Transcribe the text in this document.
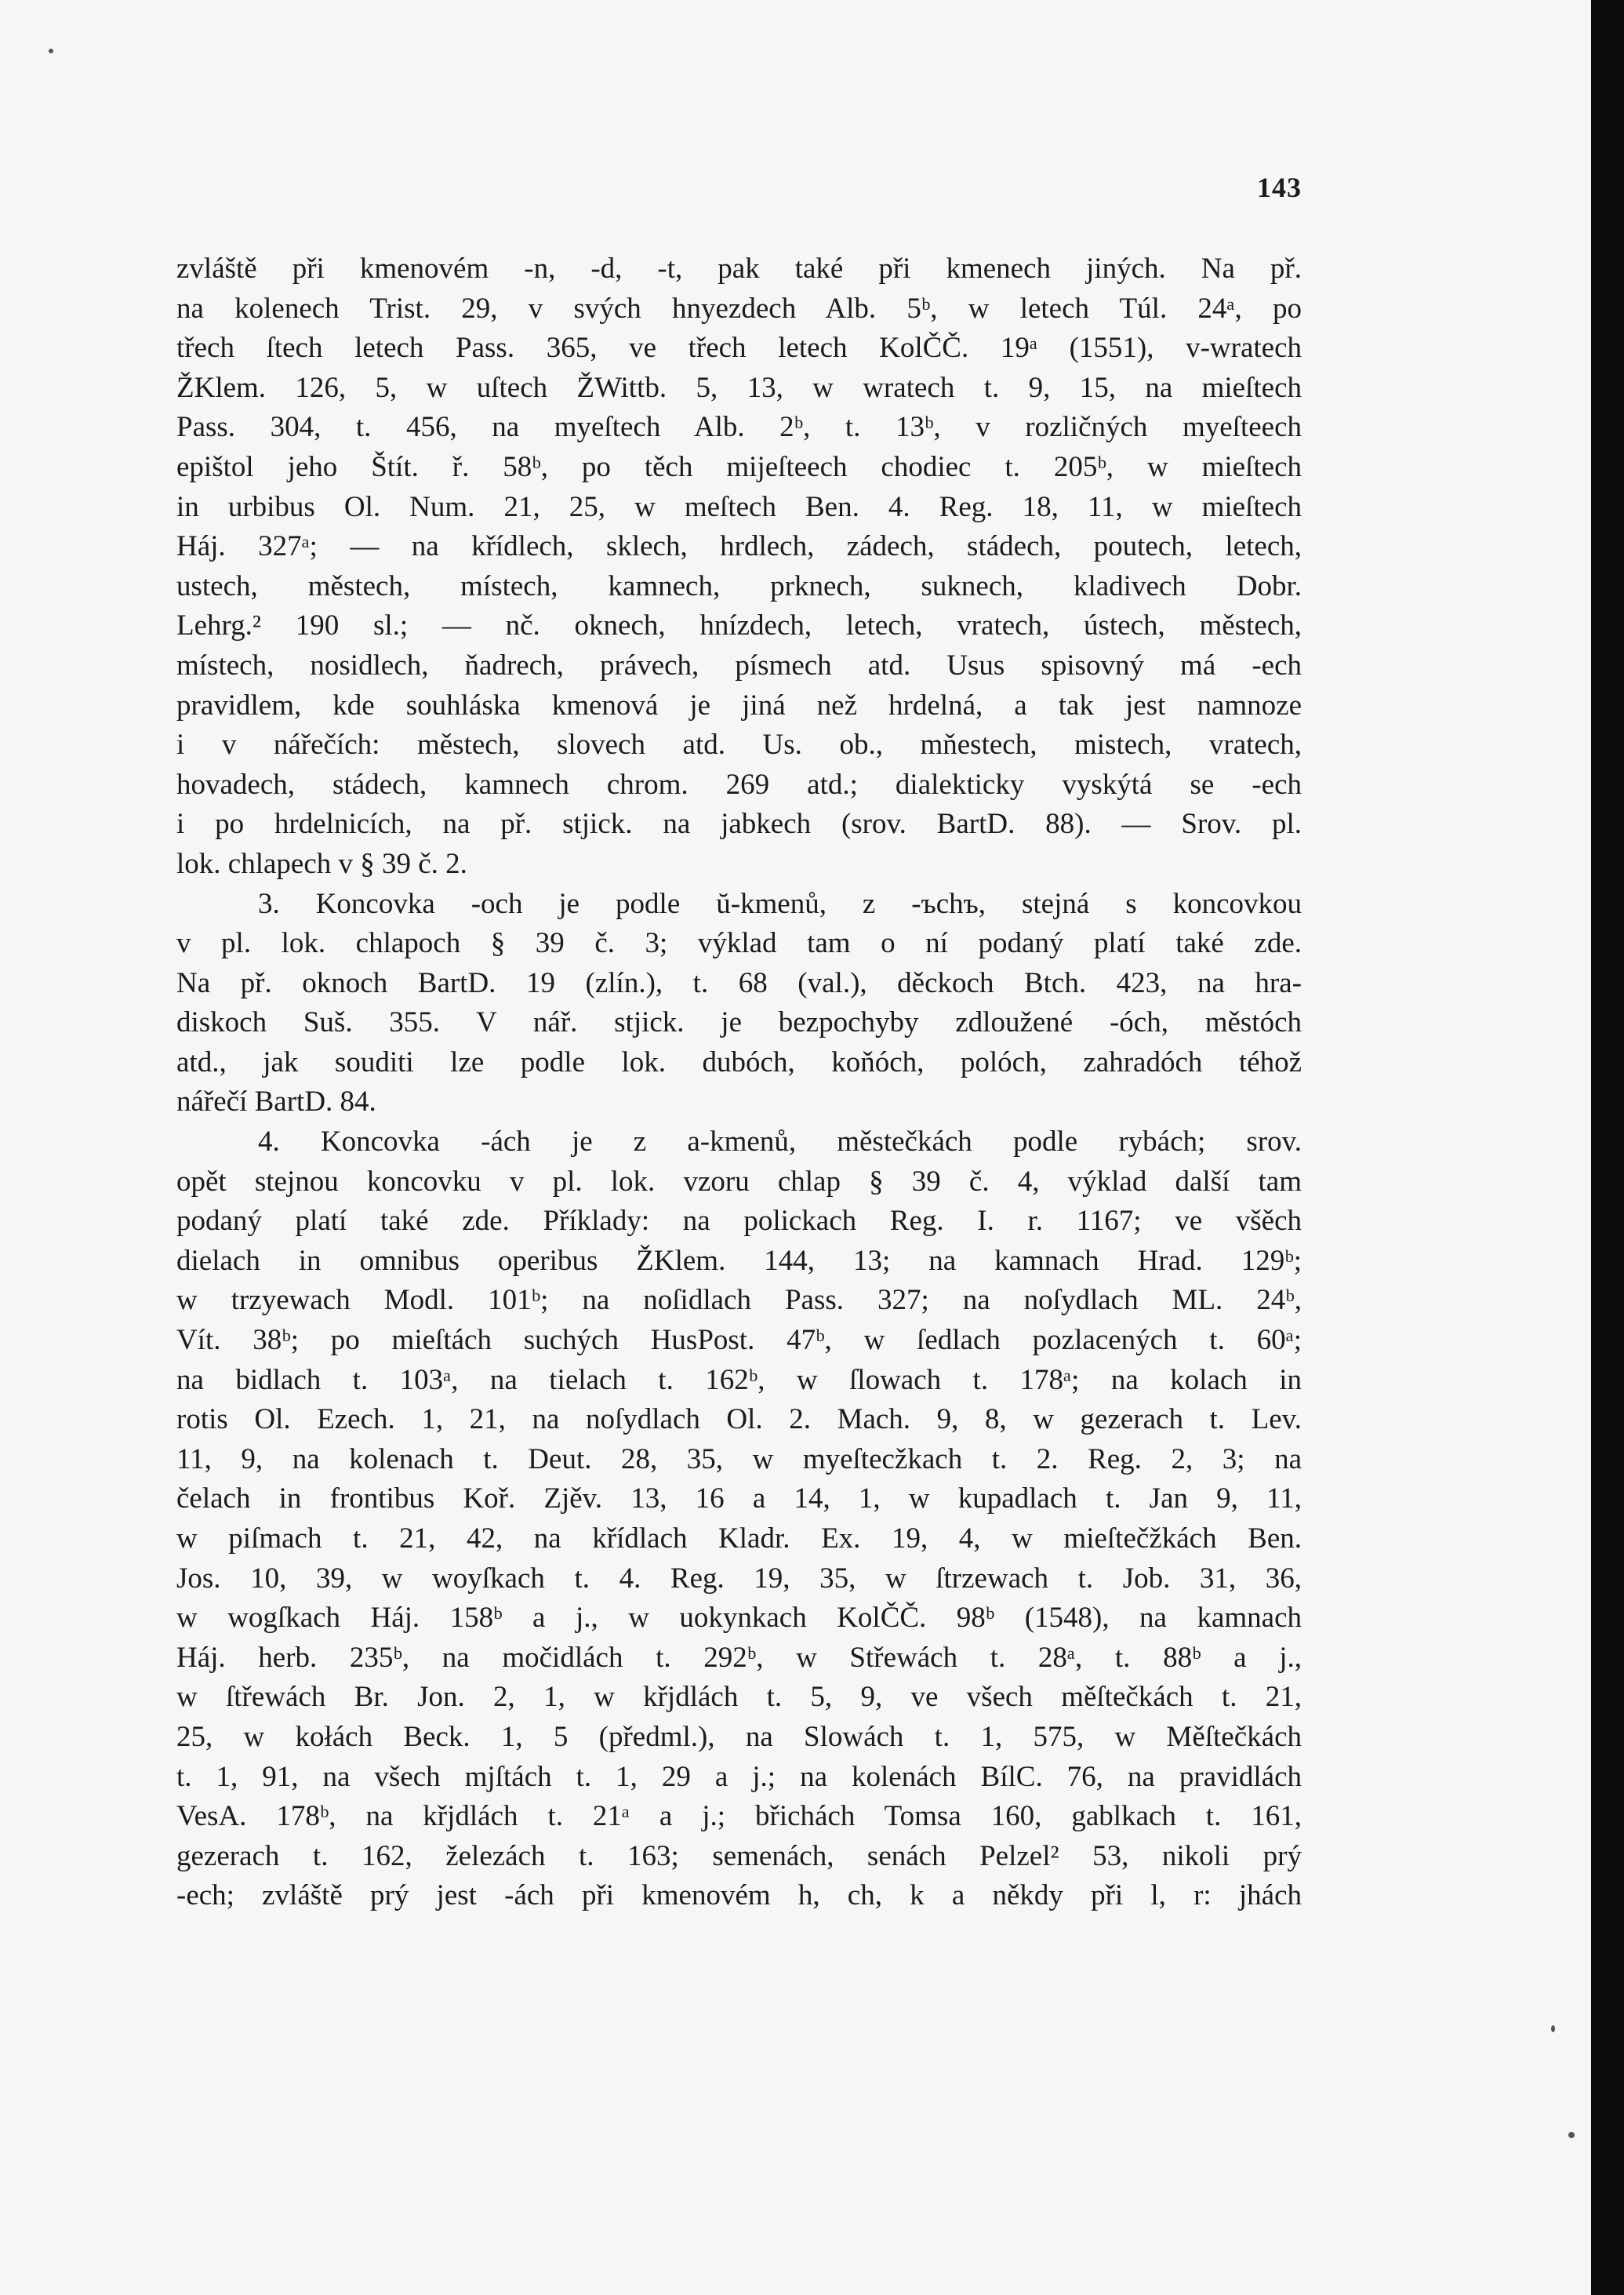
143
zvláště při kmenovém -n, -d, -t, pak také při kmenech jiných. Na př.
na kolenech Trist. 29, v svých hnyezdech Alb. 5ᵇ, w letech Túl. 24ᵃ, po
třech ſtech letech Pass. 365, ve třech letech KolČČ. 19ᵃ (1551), v-wratech
ŽKlem. 126, 5, w uſtech ŽWittb. 5, 13, w wratech t. 9, 15, na mieſtech
Pass. 304, t. 456, na myeſtech Alb. 2ᵇ, t. 13ᵇ, v rozličných myeſteech
epištol jeho Štít. ř. 58ᵇ, po těch mijeſteech chodiec t. 205ᵇ, w mieſtech
in urbibus Ol. Num. 21, 25, w meſtech Ben. 4. Reg. 18, 11, w mieſtech
Háj. 327ᵃ; — na křídlech, sklech, hrdlech, zádech, stádech, poutech, letech,
ustech, městech, místech, kamnech, prknech, suknech, kladivech Dobr.
Lehrg.² 190 sl.; — nč. oknech, hnízdech, letech, vratech, ústech, městech,
místech, nosidlech, ňadrech, právech, písmech atd. Usus spisovný má -ech
pravidlem, kde souhláska kmenová je jiná než hrdelná, a tak jest namnoze
i v nářečích: městech, slovech atd. Us. ob., mňestech, mistech, vratech,
hovadech, stádech, kamnech chrom. 269 atd.; dialekticky vyskýtá se -ech
i po hrdelnicích, na př. stjick. na jabkech (srov. BartD. 88). — Srov. pl.
lok. chlapech v § 39 č. 2.
3. Koncovka -och je podle ŭ-kmenů, z -ъchъ, stejná s koncovkou
v pl. lok. chlapoch § 39 č. 3; výklad tam o ní podaný platí také zde.
Na př. oknoch BartD. 19 (zlín.), t. 68 (val.), děckoch Btch. 423, na hra-
diskoch Suš. 355. V nář. stjick. je bezpochyby zdloužené -óch, městóch
atd., jak souditi lze podle lok. dubóch, koňóch, polóch, zahradóch téhož
nářečí BartD. 84.
4. Koncovka -ách je z a-kmenů, městečkách podle rybách; srov.
opět stejnou koncovku v pl. lok. vzoru chlap § 39 č. 4, výklad další tam
podaný platí také zde. Příklady: na polickach Reg. I. r. 1167; ve všěch
dielach in omnibus operibus ŽKlem. 144, 13; na kamnach Hrad. 129ᵇ;
w trzyewach Modl. 101ᵇ; na noſidlach Pass. 327; na noſydlach ML. 24ᵇ,
Vít. 38ᵇ; po mieſtách suchých HusPost. 47ᵇ, w ſedlach pozlacených t. 60ᵃ;
na bidlach t. 103ᵃ, na tielach t. 162ᵇ, w ſlowach t. 178ᵃ; na kolach in
rotis Ol. Ezech. 1, 21, na noſydlach Ol. 2. Mach. 9, 8, w gezerach t. Lev.
11, 9, na kolenach t. Deut. 28, 35, w myeſtecžkach t. 2. Reg. 2, 3; na
čelach in frontibus Koř. Zjěv. 13, 16 a 14, 1, w kupadlach t. Jan 9, 11,
w piſmach t. 21, 42, na křídlach Kladr. Ex. 19, 4, w mieſtečžkách Ben.
Jos. 10, 39, w woyſkach t. 4. Reg. 19, 35, w ſtrzewach t. Job. 31, 36,
w wogſkach Háj. 158ᵇ a j., w uokynkach KolČČ. 98ᵇ (1548), na kamnach
Háj. herb. 235ᵇ, na močidlách t. 292ᵇ, w Střewách t. 28ᵃ, t. 88ᵇ a j.,
w ſtřewách Br. Jon. 2, 1, w křjdlách t. 5, 9, ve všech měſtečkách t. 21,
25, w kołách Beck. 1, 5 (předml.), na Slowách t. 1, 575, w Měſtečkách
t. 1, 91, na všech mjſtách t. 1, 29 a j.; na kolenách BílC. 76, na pravidlách
VesA. 178ᵇ, na křjdlách t. 21ᵃ a j.; břichách Tomsa 160, gablkach t. 161,
gezerach t. 162, železách t. 163; semenách, senách Pelzel² 53, nikoli prý
-ech; zvláště prý jest -ách při kmenovém h, ch, k a někdy při l, r: jhách
